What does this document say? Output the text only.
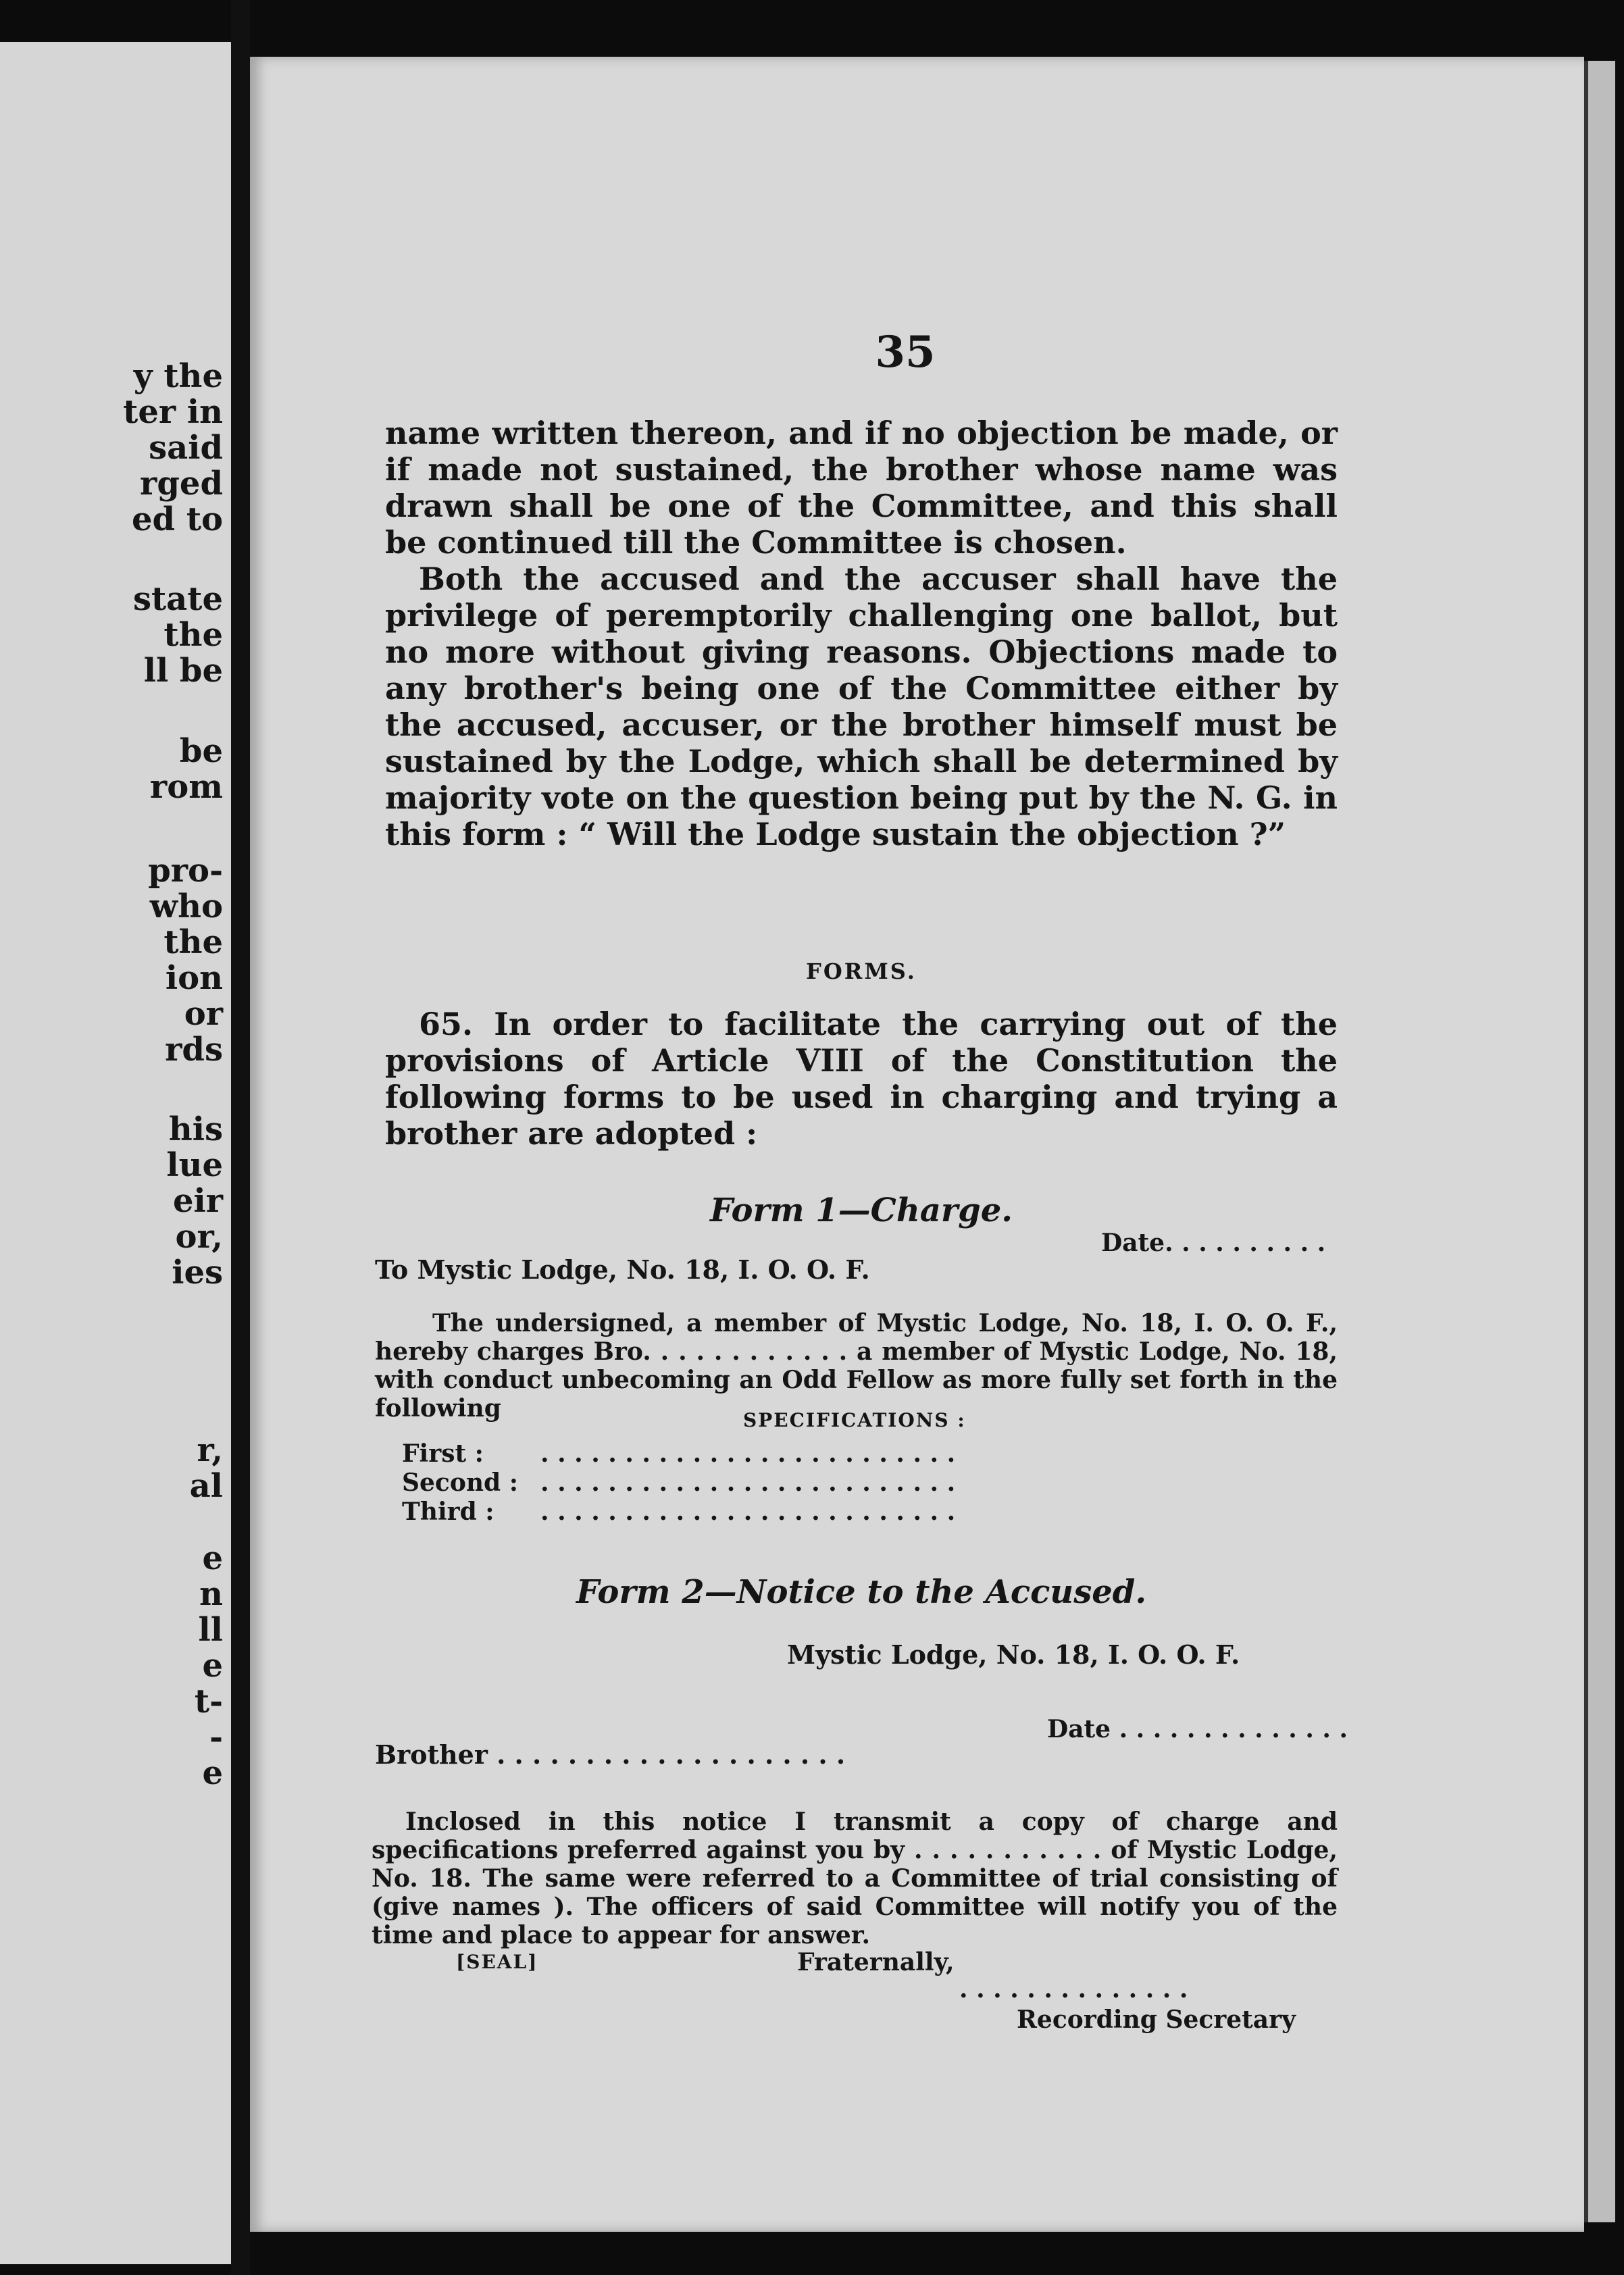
y the
ter in
said
rged
ed to
state
the
ll be
be
rom
pro-
who
the
ion
or
rds
his
lue
eir
or,
ies
r,
al
e
n
ll
e
t-
-
e
35

name written thereon, and if no objection be made, or if made not sustained, the brother whose name was drawn shall be one of the Committee, and this shall be continued till the Committee is chosen.

Both the accused and the accuser shall have the privilege of peremptorily challenging one ballot, but no more without giving reasons. Objections made to any brother's being one of the Committee either by the accused, accuser, or the brother himself must be sustained by the Lodge, which shall be determined by majority vote on the question being put by the N. G. in this form : “ Will the Lodge sustain the objection ?”

FORMS.
65. In order to facilitate the carrying out of the provisions of Article VIII of the Constitution the following forms to be used in charging and trying a brother are adopted :
Form 1—Charge.
Date. . . . . . . . . .
To Mystic Lodge, No. 18, I. O. O. F.

The undersigned, a member of Mystic Lodge, No. 18, I. O. O. F., hereby charges Bro. . . . . . . . . . . . a member of Mystic Lodge, No. 18, with conduct unbecoming an Odd Fellow as more fully set forth in the following	SPECIFICATIONS :
First :	. . . . . . . . . . . . . . . . . . . . . . . . .
Second : . . . . . . . . . . . . . . . . . . . . . . . . .
Third :	. . . . . . . . . . . . . . . . . . . . . . . . .
Form 2—Notice to the Accused.
Mystic Lodge, No. 18, I. O. O. F.
Date . . . . . . . . . . . . . .
Brother . . . . . . . . . . . . . . . . . . . .

Inclosed in this notice I transmit a copy of charge and specifications preferred against you by . . . . . . . . . . . of Mystic Lodge, No. 18. The same were referred to a Committee of trial consisting of (give names ). The officers of said Committee will notify you of the time and place to appear for answer.

[SEAL]	Fraternally,
. . . . . . . . . . . . . .
Recording Secretary
